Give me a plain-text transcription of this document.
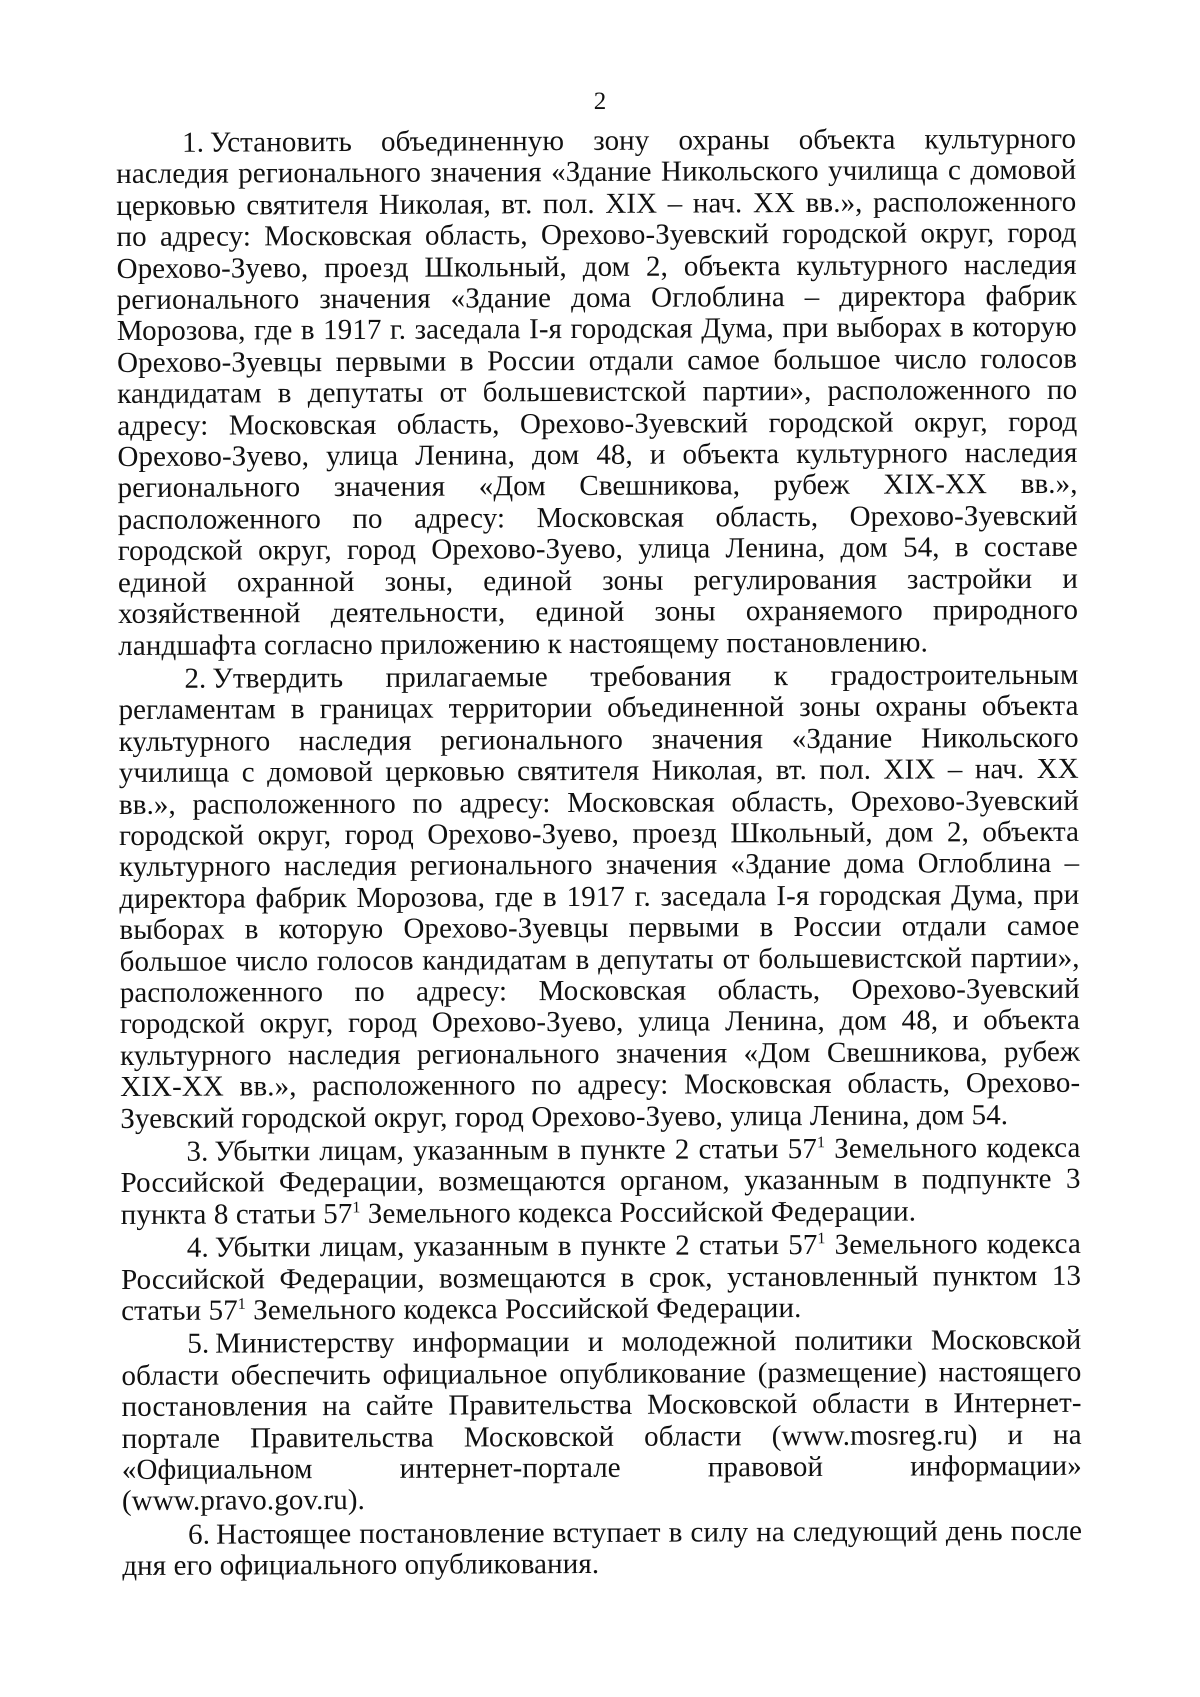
2

1. Установить объединенную зону охраны объекта культурного наследия регионального значения «Здание Никольского училища с домовой церковью святителя Николая, вт. пол. XIX – нач. XX вв.», расположенного по адресу: Московская область, Орехово-Зуевский городской округ, город Орехово-Зуево, проезд Школьный, дом 2, объекта культурного наследия регионального значения «Здание дома Оглоблина – директора фабрик Морозова, где в 1917 г. заседала I-я городская Дума, при выборах в которую Орехово-Зуевцы первыми в России отдали самое большое число голосов кандидатам в депутаты от большевистской партии», расположенного по адресу: Московская область, Орехово-Зуевский городской округ, город Орехово-Зуево, улица Ленина, дом 48, и объекта культурного наследия регионального значения «Дом Свешникова, рубеж XIX-XX вв.», расположенного по адресу: Московская область, Орехово-Зуевский городской округ, город Орехово-Зуево, улица Ленина, дом 54, в составе единой охранной зоны, единой зоны регулирования застройки и хозяйственной деятельности, единой зоны охраняемого природного ландшафта согласно приложению к настоящему постановлению.

2. Утвердить прилагаемые требования к градостроительным регламентам в границах территории объединенной зоны охраны объекта культурного наследия регионального значения «Здание Никольского училища с домовой церковью святителя Николая, вт. пол. XIX – нач. XX вв.», расположенного по адресу: Московская область, Орехово-Зуевский городской округ, город Орехово-Зуево, проезд Школьный, дом 2, объекта культурного наследия регионального значения «Здание дома Оглоблина – директора фабрик Морозова, где в 1917 г. заседала I-я городская Дума, при выборах в которую Орехово-Зуевцы первыми в России отдали самое большое число голосов кандидатам в депутаты от большевистской партии», расположенного по адресу: Московская область, Орехово-Зуевский городской округ, город Орехово-Зуево, улица Ленина, дом 48, и объекта культурного наследия регионального значения «Дом Свешникова, рубеж XIX-XX вв.», расположенного по адресу: Московская область, Орехово-Зуевский городской округ, город Орехово-Зуево, улица Ленина, дом 54.

3. Убытки лицам, указанным в пункте 2 статьи $57^1$ Земельного кодекса Российской Федерации, возмещаются органом, указанным в подпункте 3 пункта 8 статьи $57^1$ Земельного кодекса Российской Федерации.

4. Убытки лицам, указанным в пункте 2 статьи $57^1$ Земельного кодекса Российской Федерации, возмещаются в срок, установленный пунктом 13 статьи $57^1$ Земельного кодекса Российской Федерации.

5. Министерству информации и молодежной политики Московской области обеспечить официальное опубликование (размещение) настоящего постановления на сайте Правительства Московской области в Интернет-портале Правительства Московской области (www.mosreg.ru) и на «Официальном интернет-портале правовой информации» (www.pravo.gov.ru).

6. Настоящее постановление вступает в силу на следующий день после дня его официального опубликования.
